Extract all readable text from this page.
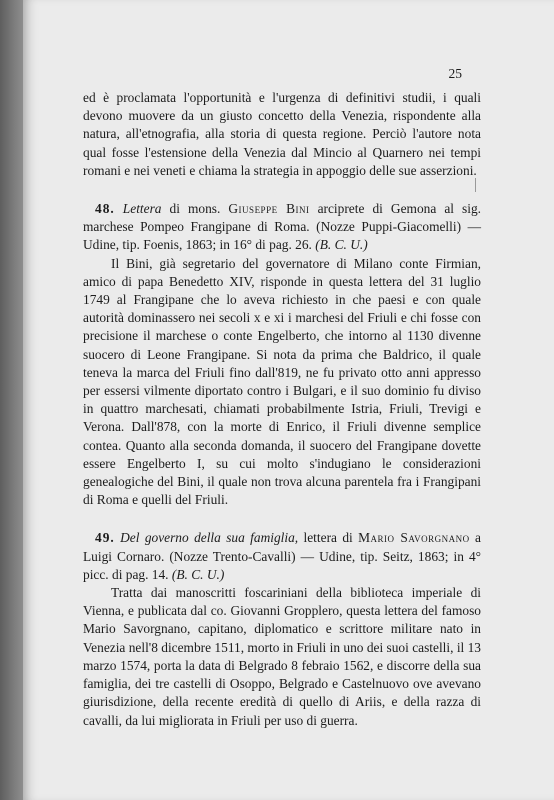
25

ed è proclamata l'opportunità e l'urgenza di definitivi studii, i quali devono muovere da un giusto concetto della Venezia, rispondente alla natura, all'etnografia, alla storia di questa regione. Perciò l'autore nota qual fosse l'estensione della Venezia dal Mincio al Quarnero nei tempi romani e nei veneti e chiama la strategia in appoggio delle sue asserzioni.

48. Lettera di mons. Giuseppe Bini arciprete di Gemona al sig. marchese Pompeo Frangipane di Roma. (Nozze Puppi-Giacomelli) — Udine, tip. Foenis, 1863; in 16° di pag. 26. (B. C. U.)

Il Bini, già segretario del governatore di Milano conte Firmian, amico di papa Benedetto XIV, risponde in questa lettera del 31 luglio 1749 al Frangipane che lo aveva richiesto in che paesi e con quale autorità dominassero nei secoli x e xi i marchesi del Friuli e chi fosse con precisione il marchese o conte Engelberto, che intorno al 1130 divenne suocero di Leone Frangipane. Si nota da prima che Baldrico, il quale teneva la marca del Friuli fino dall'819, ne fu privato otto anni appresso per essersi vilmente diportato contro i Bulgari, e il suo dominio fu diviso in quattro marchesati, chiamati probabilmente Istria, Friuli, Trevigi e Verona. Dall'878, con la morte di Enrico, il Friuli divenne semplice contea. Quanto alla seconda domanda, il suocero del Frangipane dovette essere Engelberto I, su cui molto s'indugiano le considerazioni genealogiche del Bini, il quale non trova alcuna parentela fra i Frangipani di Roma e quelli del Friuli.

49. Del governo della sua famiglia, lettera di Mario Savorgnano a Luigi Cornaro. (Nozze Trento-Cavalli) — Udine, tip. Seitz, 1863; in 4° picc. di pag. 14. (B. C. U.)

Tratta dai manoscritti foscariniani della biblioteca imperiale di Vienna, e publicata dal co. Giovanni Gropplero, questa lettera del famoso Mario Savorgnano, capitano, diplomatico e scrittore militare nato in Venezia nell'8 dicembre 1511, morto in Friuli in uno dei suoi castelli, il 13 marzo 1574, porta la data di Belgrado 8 febraio 1562, e discorre della sua famiglia, dei tre castelli di Osoppo, Belgrado e Castelnuovo ove avevano giurisdizione, della recente eredità di quello di Ariis, e della razza di cavalli, da lui migliorata in Friuli per uso di guerra.
